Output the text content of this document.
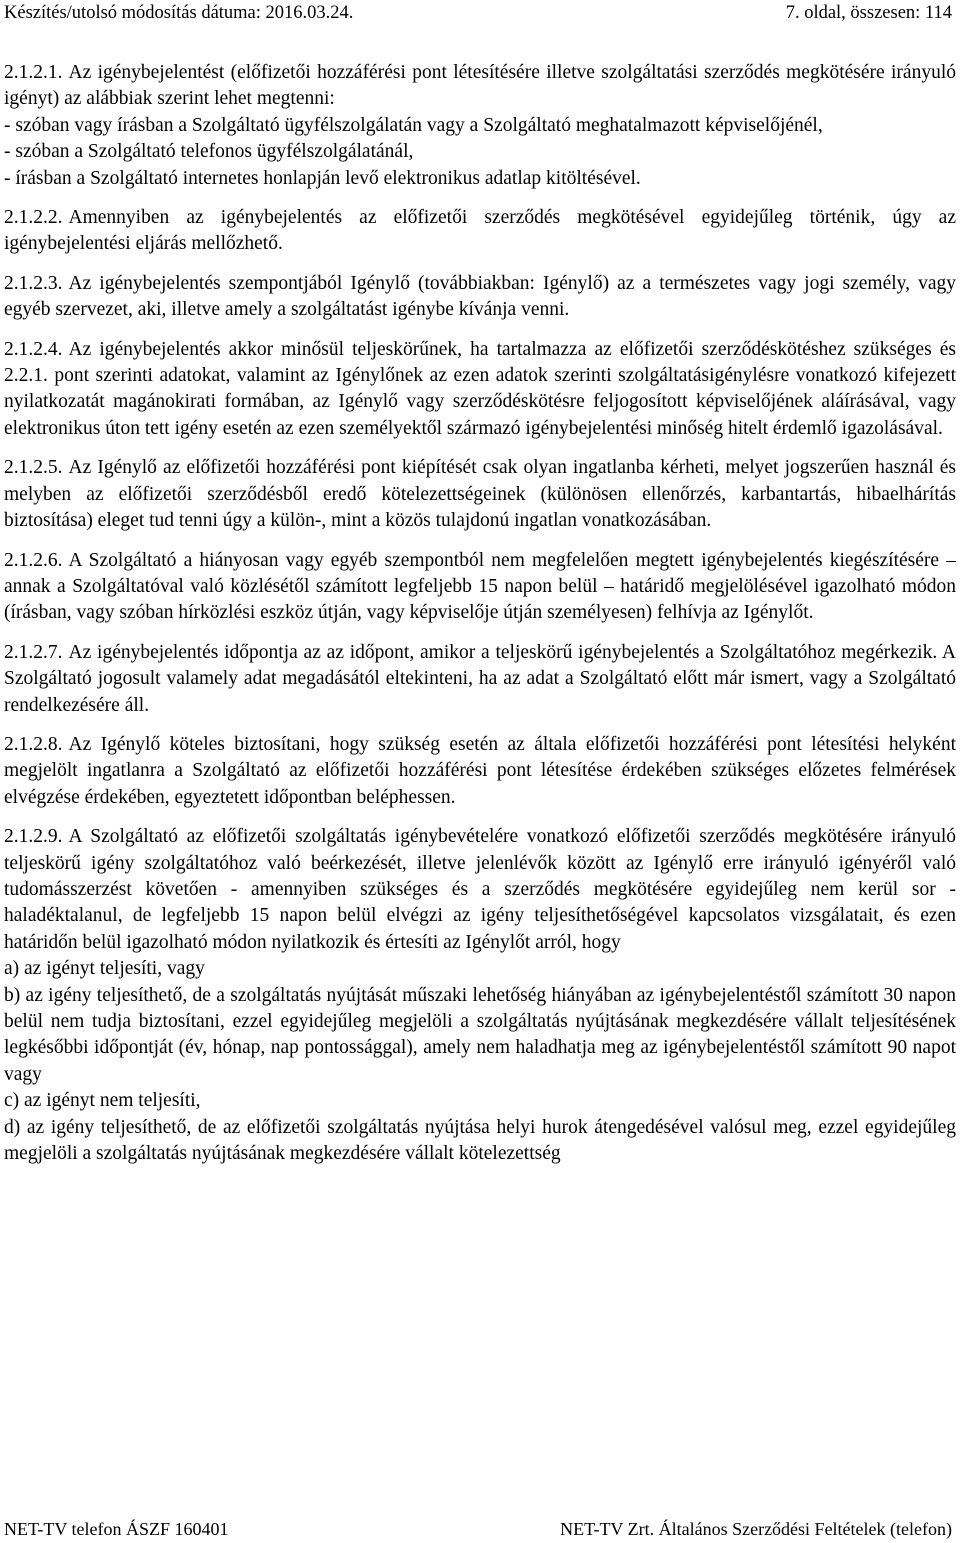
Készítés/utolsó módosítás dátuma: 2016.03.24.	7. oldal, összesen: 114
2.1.2.1. Az igénybejelentést (előfizetői hozzáférési pont létesítésére illetve szolgáltatási szerződés megkötésére irányuló igényt) az alábbiak szerint lehet megtenni:
- szóban vagy írásban a Szolgáltató ügyfélszolgálatán vagy a Szolgáltató meghatalmazott képviselőjénél,
- szóban a Szolgáltató telefonos ügyfélszolgálatánál,
- írásban a Szolgáltató internetes honlapján levő elektronikus adatlap kitöltésével.
2.1.2.2. Amennyiben az igénybejelentés az előfizetői szerződés megkötésével egyidejűleg történik, úgy az igénybejelentési eljárás mellőzhető.
2.1.2.3. Az igénybejelentés szempontjából Igénylő (továbbiakban: Igénylő) az a természetes vagy jogi személy, vagy egyéb szervezet, aki, illetve amely a szolgáltatást igénybe kívánja venni.
2.1.2.4. Az igénybejelentés akkor minősül teljeskörűnek, ha tartalmazza az előfizetői szerződéskötéshez szükséges és 2.2.1. pont szerinti adatokat, valamint az Igénylőnek az ezen adatok szerinti szolgáltatásigénylésre vonatkozó kifejezett nyilatkozatát magánokirati formában, az Igénylő vagy szerződéskötésre feljogosított képviselőjének aláírásával, vagy elektronikus úton tett igény esetén az ezen személyektől származó igénybejelentési minőség hitelt érdemlő igazolásával.
2.1.2.5. Az Igénylő az előfizetői hozzáférési pont kiépítését csak olyan ingatlanba kérheti, melyet jogszerűen használ és melyben az előfizetői szerződésből eredő kötelezettségeinek (különösen ellenőrzés, karbantartás, hibaelhárítás biztosítása) eleget tud tenni úgy a külön-, mint a közös tulajdonú ingatlan vonatkozásában.
2.1.2.6. A Szolgáltató a hiányosan vagy egyéb szempontból nem megfelelően megtett igénybejelentés kiegészítésére – annak a Szolgáltatóval való közlésétől számított legfeljebb 15 napon belül – határidő megjelölésével igazolható módon (írásban, vagy szóban hírközlési eszköz útján, vagy képviselője útján személyesen) felhívja az Igénylőt.
2.1.2.7. Az igénybejelentés időpontja az az időpont, amikor a teljeskörű igénybejelentés a Szolgáltatóhoz megérkezik. A Szolgáltató jogosult valamely adat megadásától eltekinteni, ha az adat a Szolgáltató előtt már ismert, vagy a Szolgáltató rendelkezésére áll.
2.1.2.8. Az Igénylő köteles biztosítani, hogy szükség esetén az általa előfizetői hozzáférési pont létesítési helyként megjelölt ingatlanra a Szolgáltató az előfizetői hozzáférési pont létesítése érdekében szükséges előzetes felmérések elvégzése érdekében, egyeztetett időpontban beléphessen.
2.1.2.9. A Szolgáltató az előfizetői szolgáltatás igénybevételére vonatkozó előfizetői szerződés megkötésére irányuló teljeskörű igény szolgáltatóhoz való beérkezését, illetve jelenlévők között az Igénylő erre irányuló igényéről való tudomásszerzést követően - amennyiben szükséges és a szerződés megkötésére egyidejűleg nem kerül sor - haladéktalanul, de legfeljebb 15 napon belül elvégzi az igény teljesíthetőségével kapcsolatos vizsgálatait, és ezen határidőn belül igazolható módon nyilatkozik és értesíti az Igénylőt arról, hogy
a) az igényt teljesíti, vagy
b) az igény teljesíthető, de a szolgáltatás nyújtását műszaki lehetőség hiányában az igénybejelentéstől számított 30 napon belül nem tudja biztosítani, ezzel egyidejűleg megjelöli a szolgáltatás nyújtásának megkezdésére vállalt teljesítésének legkésőbbi időpontját (év, hónap, nap pontossággal), amely nem haladhatja meg az igénybejelentéstől számított 90 napot vagy
c) az igényt nem teljesíti,
d) az igény teljesíthető, de az előfizetői szolgáltatás nyújtása helyi hurok átengedésével valósul meg, ezzel egyidejűleg megjelöli a szolgáltatás nyújtásának megkezdésére vállalt kötelezettség
NET-TV telefon ÁSZF 160401	NET-TV Zrt. Általános Szerződési Feltételek (telefon)
